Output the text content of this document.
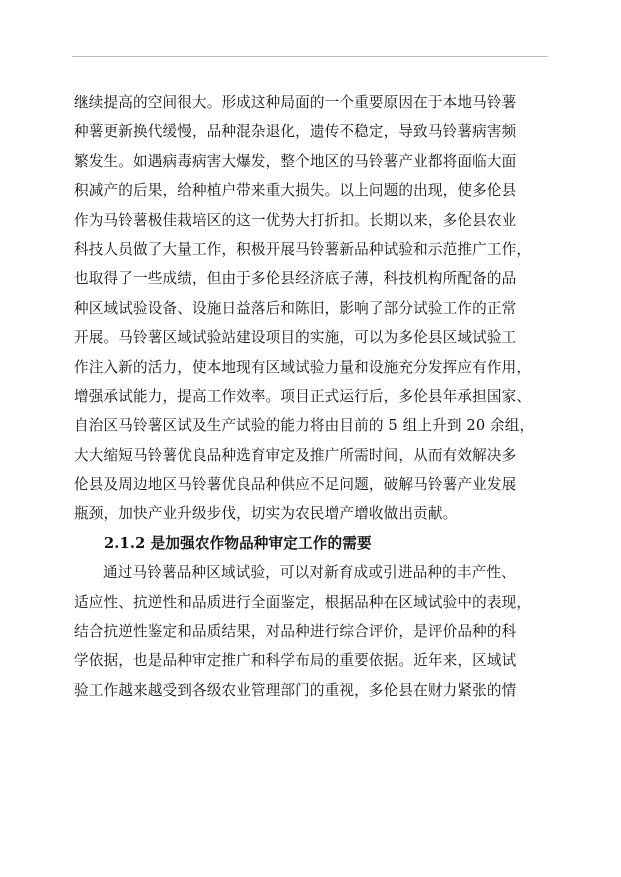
继续提高的空间很大。形成这种局面的一个重要原因在于本地马铃薯
种薯更新换代缓慢，品种混杂退化，遗传不稳定，导致马铃薯病害频
繁发生。如遇病毒病害大爆发，整个地区的马铃薯产业都将面临大面
积减产的后果，给种植户带来重大损失。以上问题的出现，使多伦县
作为马铃薯极佳栽培区的这一优势大打折扣。长期以来，多伦县农业
科技人员做了大量工作，积极开展马铃薯新品种试验和示范推广工作，
也取得了一些成绩，但由于多伦县经济底子薄，科技机构所配备的品
种区域试验设备、设施日益落后和陈旧，影响了部分试验工作的正常
开展。马铃薯区域试验站建设项目的实施，可以为多伦县区域试验工
作注入新的活力，使本地现有区域试验力量和设施充分发挥应有作用，
增强承试能力，提高工作效率。项目正式运行后，多伦县年承担国家、
自治区马铃薯区试及生产试验的能力将由目前的 5 组上升到 20 余组，
大大缩短马铃薯优良品种选育审定及推广所需时间，从而有效解决多
伦县及周边地区马铃薯优良品种供应不足问题，破解马铃薯产业发展
瓶颈，加快产业升级步伐，切实为农民增产增收做出贡献。
2.1.2 是加强农作物品种审定工作的需要
通过马铃薯品种区域试验，可以对新育成或引进品种的丰产性、
适应性、抗逆性和品质进行全面鉴定，根据品种在区域试验中的表现，
结合抗逆性鉴定和品质结果，对品种进行综合评价，是评价品种的科
学依据，也是品种审定推广和科学布局的重要依据。近年来，区域试
验工作越来越受到各级农业管理部门的重视，多伦县在财力紧张的情
